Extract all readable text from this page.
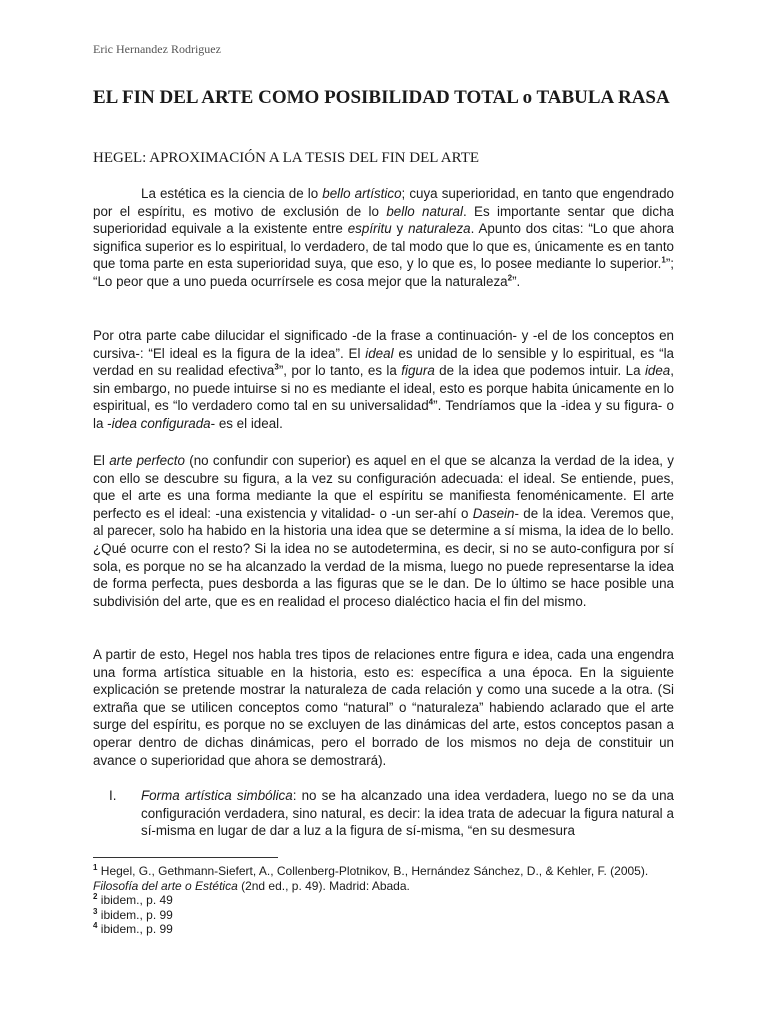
Eric Hernandez Rodriguez
EL FIN DEL ARTE COMO POSIBILIDAD TOTAL o TABULA RASA
HEGEL: APROXIMACIÓN A LA TESIS DEL FIN DEL ARTE

La estética es la ciencia de lo bello artístico; cuya superioridad, en tanto que engendrado por el espíritu, es motivo de exclusión de lo bello natural. Es importante sentar que dicha superioridad equivale a la existente entre espíritu y naturaleza. Apunto dos citas: “Lo que ahora significa superior es lo espiritual, lo verdadero, de tal modo que lo que es, únicamente es en tanto que toma parte en esta superioridad suya, que eso, y lo que es, lo posee mediante lo superior.$^1$”; “Lo peor que a uno pueda ocurrírsele es cosa mejor que la naturaleza$^2$”.

Por otra parte cabe dilucidar el significado -de la frase a continuación- y -el de los conceptos en cursiva-: “El ideal es la figura de la idea”. El ideal es unidad de lo sensible y lo espiritual, es “la verdad en su realidad efectiva$^3$”, por lo tanto, es la figura de la idea que podemos intuir. La idea, sin embargo, no puede intuirse si no es mediante el ideal, esto es porque habita únicamente en lo espiritual, es “lo verdadero como tal en su universalidad$^4$”. Tendríamos que la -idea y su figura- o la -idea configurada- es el ideal.

El arte perfecto (no confundir con superior) es aquel en el que se alcanza la verdad de la idea, y con ello se descubre su figura, a la vez su configuración adecuada: el ideal. Se entiende, pues, que el arte es una forma mediante la que el espíritu se manifiesta fenoménicamente. El arte perfecto es el ideal: -una existencia y vitalidad- o -un ser-ahí o Dasein- de la idea. Veremos que, al parecer, solo ha habido en la historia una idea que se determine a sí misma, la idea de lo bello. ¿Qué ocurre con el resto? Si la idea no se autodetermina, es decir, si no se auto-configura por sí sola, es porque no se ha alcanzado la verdad de la misma, luego no puede representarse la idea de forma perfecta, pues desborda a las figuras que se le dan. De lo último se hace posible una subdivisión del arte, que es en realidad el proceso dialéctico hacia el fin del mismo.

A partir de esto, Hegel nos habla tres tipos de relaciones entre figura e idea, cada una engendra una forma artística situable en la historia, esto es: específica a una época. En la siguiente explicación se pretende mostrar la naturaleza de cada relación y como una sucede a la otra. (Si extraña que se utilicen conceptos como “natural” o “naturaleza” habiendo aclarado que el arte surge del espíritu, es porque no se excluyen de las dinámicas del arte, estos conceptos pasan a operar dentro de dichas dinámicas, pero el borrado de los mismos no deja de constituir un avance o superioridad que ahora se demostrará).

I. Forma artística simbólica: no se ha alcanzado una idea verdadera, luego no se da una configuración verdadera, sino natural, es decir: la idea trata de adecuar la figura natural a sí-misma en lugar de dar a luz a la figura de sí-misma, “en su desmesura

$^1$ Hegel, G., Gethmann-Siefert, A., Collenberg-Plotnikov, B., Hernández Sánchez, D., & Kehler, F. (2005). Filosofía del arte o Estética (2nd ed., p. 49). Madrid: Abada.

$^2$ ibidem., p. 49

$^3$ ibidem., p. 99

$^4$ ibidem., p. 99
